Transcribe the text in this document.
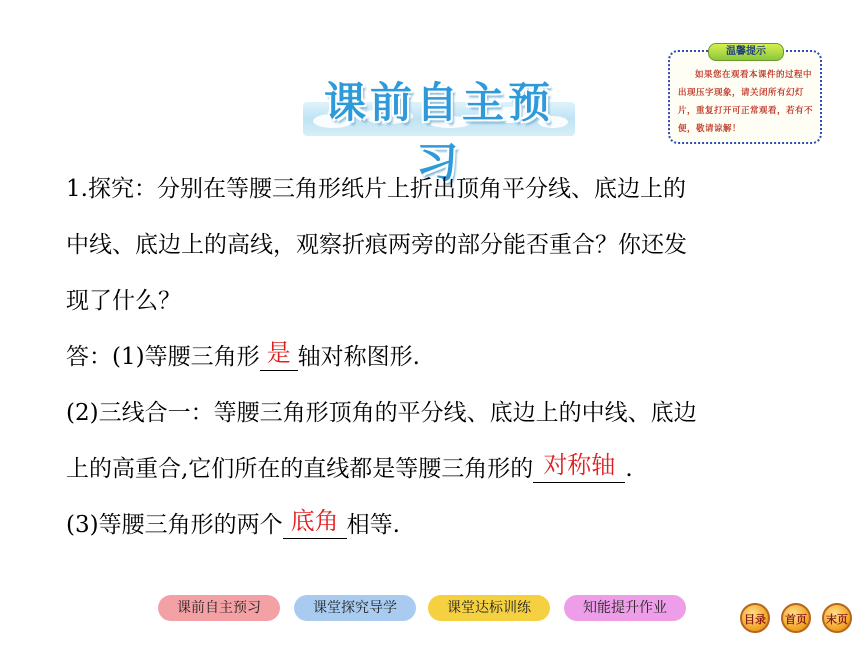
课前自主预习
温馨提示
如果您在观看本课件的过程中出现压字现象，请关闭所有幻灯片，重复打开可正常观看，若有不便，敬请谅解！
1.探究：分别在等腰三角形纸片上折出顶角平分线、底边上的
中线、底边上的高线，观察折痕两旁的部分能否重合？你还发
现了什么？
答：(1)等腰三角形 是 轴对称图形.
(2)三线合一：等腰三角形顶角的平分线、底边上的中线、底边
上的高重合,它们所在的直线都是等腰三角形的 对称轴 .
(3)等腰三角形的两个 底角 相等.
课前自主预习	课堂探究导学	课堂达标训练	知能提升作业
目录	首页	末页
